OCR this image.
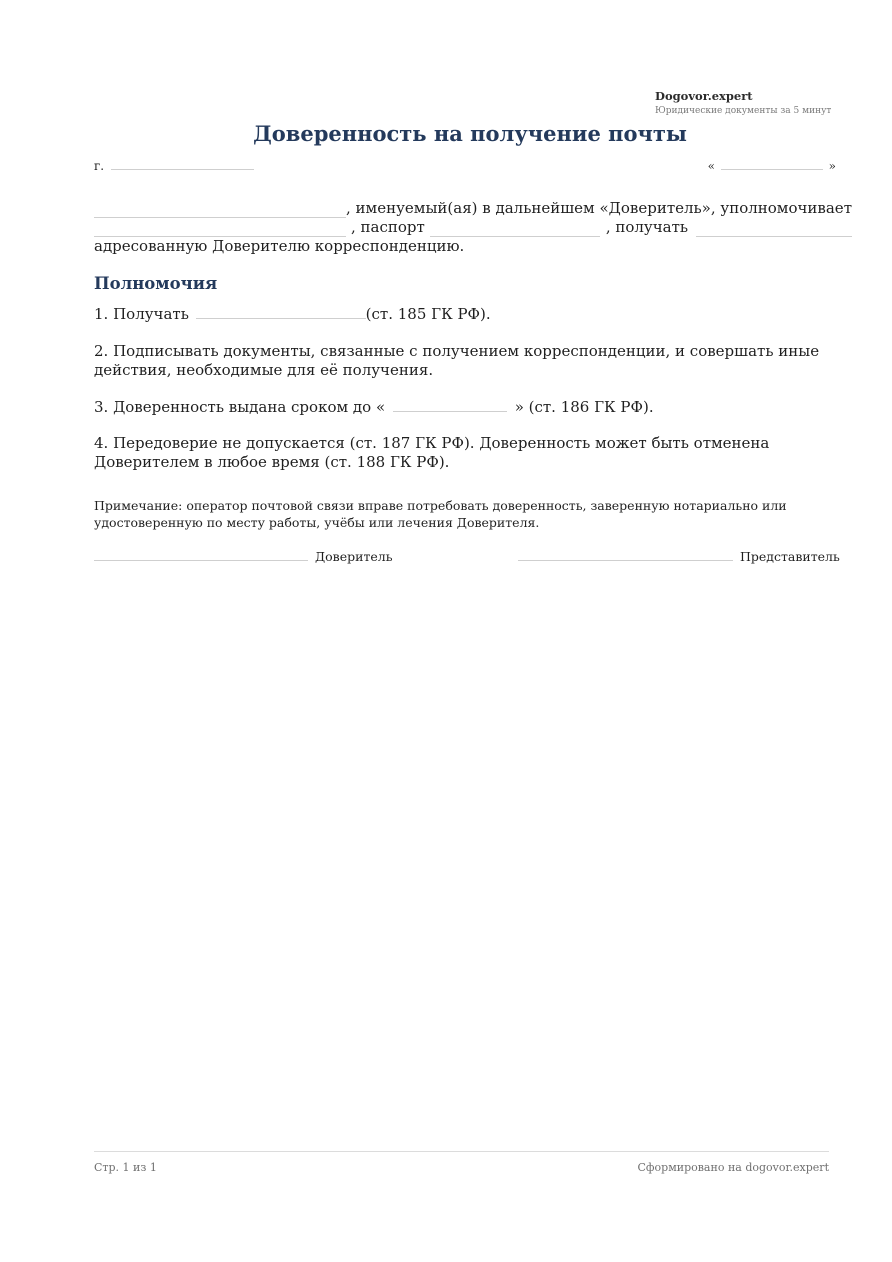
Dogovor.expert
Юридические документы за 5 минут
Доверенность на получение почты
г.	«	»
, именуемый(ая) в дальнейшем «Доверитель», уполномочивает
, паспорт	, получать
адресованную Доверителю корреспонденцию.
Полномочия
1. Получать	(ст. 185 ГК РФ).
2. Подписывать документы, связанные с получением корреспонденции, и совершать иные действия, необходимые для её получения.
3. Доверенность выдана сроком до «	» (ст. 186 ГК РФ).
4. Передоверие не допускается (ст. 187 ГК РФ). Доверенность может быть отменена Доверителем в любое время (ст. 188 ГК РФ).
Примечание: оператор почтовой связи вправе потребовать доверенность, заверенную нотариально или удостоверенную по месту работы, учёбы или лечения Доверителя.
Доверитель	Представитель
Стр. 1 из 1	Сформировано на dogovor.expert
